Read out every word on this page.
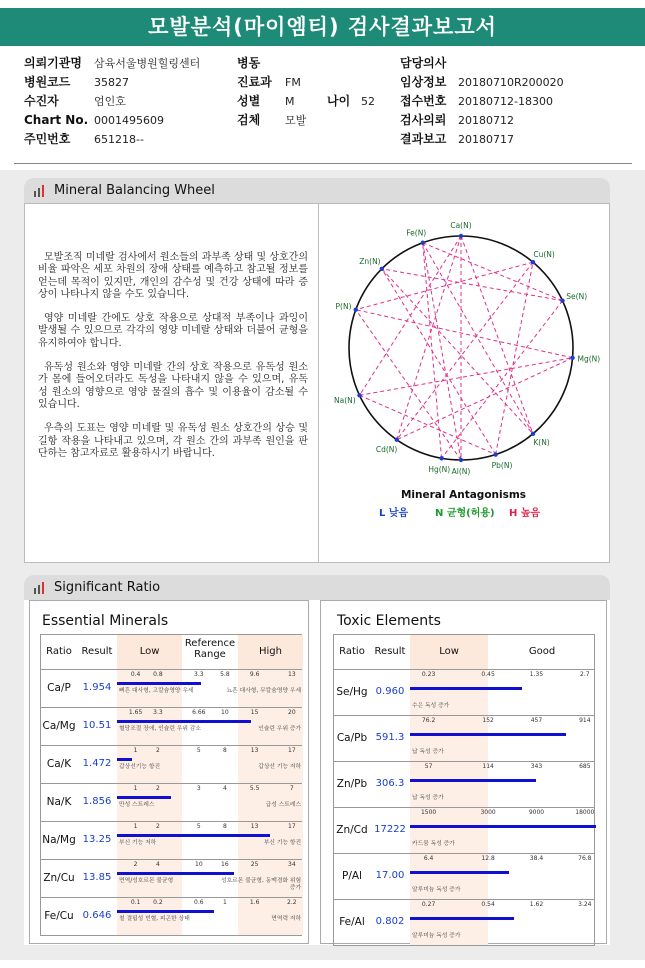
모발분석(마이엠티) 검사결과보고서
의뢰기관명 삼육서울병원힐링센터
병원코드 35827
수진자	엄인호
Chart No. 0001495609
주민번호 651218--
병동
진료과 FM
성별 M	나이 52
검체 모발
담당의사
임상정보 20180710R200020
접수번호 20180712-18300
검사의뢰 20180712
결과보고 20180717
Mineral Balancing Wheel

모발조직 미네랄 검사에서 원소들의 과부족 상태 및 상호간의 비율 파악은 세포 차원의 장애 상태를 예측하고 참고될 정보를 얻는데 목적이 있지만, 개인의 감수성 및 건강 상태에 따라 증상이 나타나지 않을 수도 있습니다.

영양 미네랄 간에도 상호 작용으로 상대적 부족이나 과잉이 발생될 수 있으므로 각각의 영양 미네랄 상태와 더불어 균형을 유지하여야 합니다.

유독성 원소와 영양 미네랄 간의 상호 작용으로 유독성 원소가 몸에 들어오더라도 독성을 나타내지 않을 수 있으며, 유독성 원소의 영향으로 영양 물질의 흡수 및 이용율이 감소될 수 있습니다.

우측의 도표는 영양 미네랄 및 유독성 원소 상호간의 상승 및 길항 작용을 나타내고 있으며, 각 원소 간의 과부족 원인을 판단하는 참고자료로 활용하시기 바랍니다.

Ca(N)
Cu(N)
Se(N)
Mg(N)
K(N)
Pb(N)
Al(N)
Hg(N)
Cd(N)
Na(N)
P(N)
Zn(N)
Fe(N)
Mineral Antagonisms
L 낮음	N 균형(허용) H 높음
Significant Ratio
Essential Minerals
Ratio Result	Low
Reference Range	High
Ca/P	1.954
0.4	0.8	3.3	5.8	9.6	13
뼈흔 대사형, 고칼슘영양 우세	뇨흔 대사형, 무칼슘영양 우세
Ca/Mg 10.51
1.65	3.3	6.66	10	15	20
혈당조절 장애, 인슐린 우위 감소	인슐린 우위 증가
Ca/K	1.472
1	2	5	8	13	17
갑상선기능 항진	갑상선 기능 저하
Na/K	1.856
1	2	3	4	5.5	7
만성 스트레스	급성 스트레스
Na/Mg 13.25
1	2	5	8	13	17
부신 기능 저하	부신 기능 항진
Zn/Cu 13.85
2	4	10	16	25	34
면역/성호르몬 불균형	성호르몬 불균형, 동맥경화 위험 증가
Fe/Cu 0.646
0.1	0.2	0.6	1	1.6	2.2
철 결핍성 빈혈, 피곤한 상태	면역력 저하
Toxic Elements
Ratio Result	Low	Good
Se/Hg 0.960
0.23	0.45	1.35	2.7
수은 독성 증가
Ca/Pb 591.3
76.2	152	457	914
납 독성 증가
Zn/Pb 306.3
57	114	343	685
납 독성 증가
Zn/Cd 17222
1500	3000	9000	18000
카드뮴 독성 증가
P/Al	17.00
6.4	12.8	38.4	76.8
알루미늄 독성 증가
Fe/Al	0.802
0.27	0.54	1.62	3.24
알루미늄 독성 증가
